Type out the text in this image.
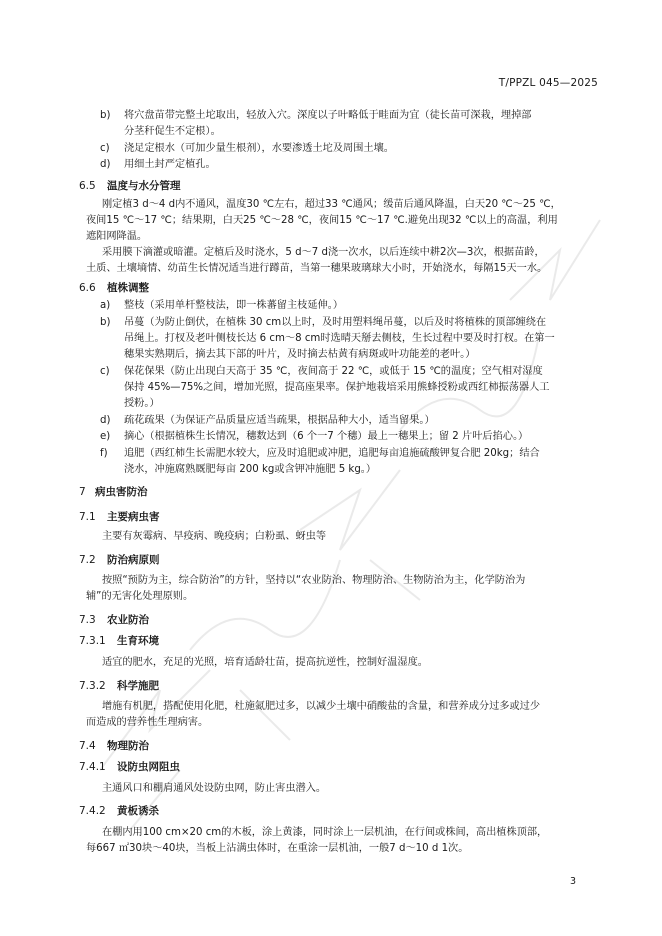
T/PPZL 045—2025
b) 将穴盘苗带完整土坨取出，轻放入穴。深度以子叶略低于畦面为宜（徒长苗可深栽，埋掉部
分茎秆促生不定根）。
c) 浇足定根水（可加少量生根剂），水要渗透土坨及周围土壤。
d) 用细土封严定植孔。
6.5 温度与水分管理
刚定植3 d～4 d内不通风，温度30 ℃左右，超过33 ℃通风；缓苗后通风降温，白天20 ℃～25 ℃，
夜间15 ℃～17 ℃；结果期，白天25 ℃～28 ℃，夜间15 ℃～17 ℃.避免出现32 ℃以上的高温，利用
遮阳网降温。
采用膜下滴灌或暗灌。定植后及时浇水，5 d～7 d浇一次水，以后连续中耕2次—3次，根据苗龄，
土质、土壤墒情、幼苗生长情况适当进行蹲苗，当第一穗果玻璃球大小时，开始浇水，每隔15天一水。
6.6 植株调整
a) 整枝（采用单杆整枝法，即一株蕃留主枝延伸。）
b) 吊蔓（为防止倒伏，在植株 30 cm以上时，及时用塑料绳吊蔓，以后及时将植株的顶部缠绕在
吊绳上。打杈及老叶侧枝长达 6 cm～8 cm时选晴天掰去侧枝，生长过程中要及时打杈。在第一
穗果实熟期后，摘去其下部的叶片，及时摘去枯黄有病斑或叶功能差的老叶。）
c) 保花保果（防止出现白天高于 35 ℃，夜间高于 22 ℃，或低于 15 ℃的温度；空气相对湿度
保持 45%—75%之间，增加光照，提高座果率。保护地栽培采用熊蜂授粉或西红柿振荡器人工
授粉。）
d) 疏花疏果（为保证产品质量应适当疏果，根据品种大小，适当留果。）
e) 摘心（根据植株生长情况，穗数达到（6 个一7 个穗）最上一穗果上；留 2 片叶后掐心。）
f) 追肥（西红柿生长需肥水较大，应及时追肥或冲肥，追肥每亩追施硫酸钾复合肥 20kg；结合
浇水，冲施腐熟厩肥每亩 200 kg或含钾冲施肥 5 kg。）
7 病虫害防治
7.1 主要病虫害
主要有灰霉病、早疫病、晚疫病；白粉虱、蚜虫等
7.2 防治病原则
按照“预防为主，综合防治”的方针，坚持以“农业防治、物理防治、生物防治为主，化学防治为
辅”的无害化处理原则。
7.3 农业防治
7.3.1 生育环境
适宜的肥水，充足的光照，培育适龄壮苗，提高抗逆性，控制好温湿度。
7.3.2 科学施肥
增施有机肥，搭配使用化肥，杜施氮肥过多，以减少土壤中硝酸盐的含量，和营养成分过多或过少
而造成的营养性生理病害。
7.4 物理防治
7.4.1 设防虫网阻虫
主通风口和棚肩通风处设防虫网，防止害虫潜入。
7.4.2 黄板诱杀
在棚内用100 cm×20 cm的木板，涂上黄漆，同时涂上一层机油，在行间或株间，高出植株顶部，
每667 ㎡30块～40块，当板上沾满虫体时，在重涂一层机油，一般7 d～10 d 1次。
3
